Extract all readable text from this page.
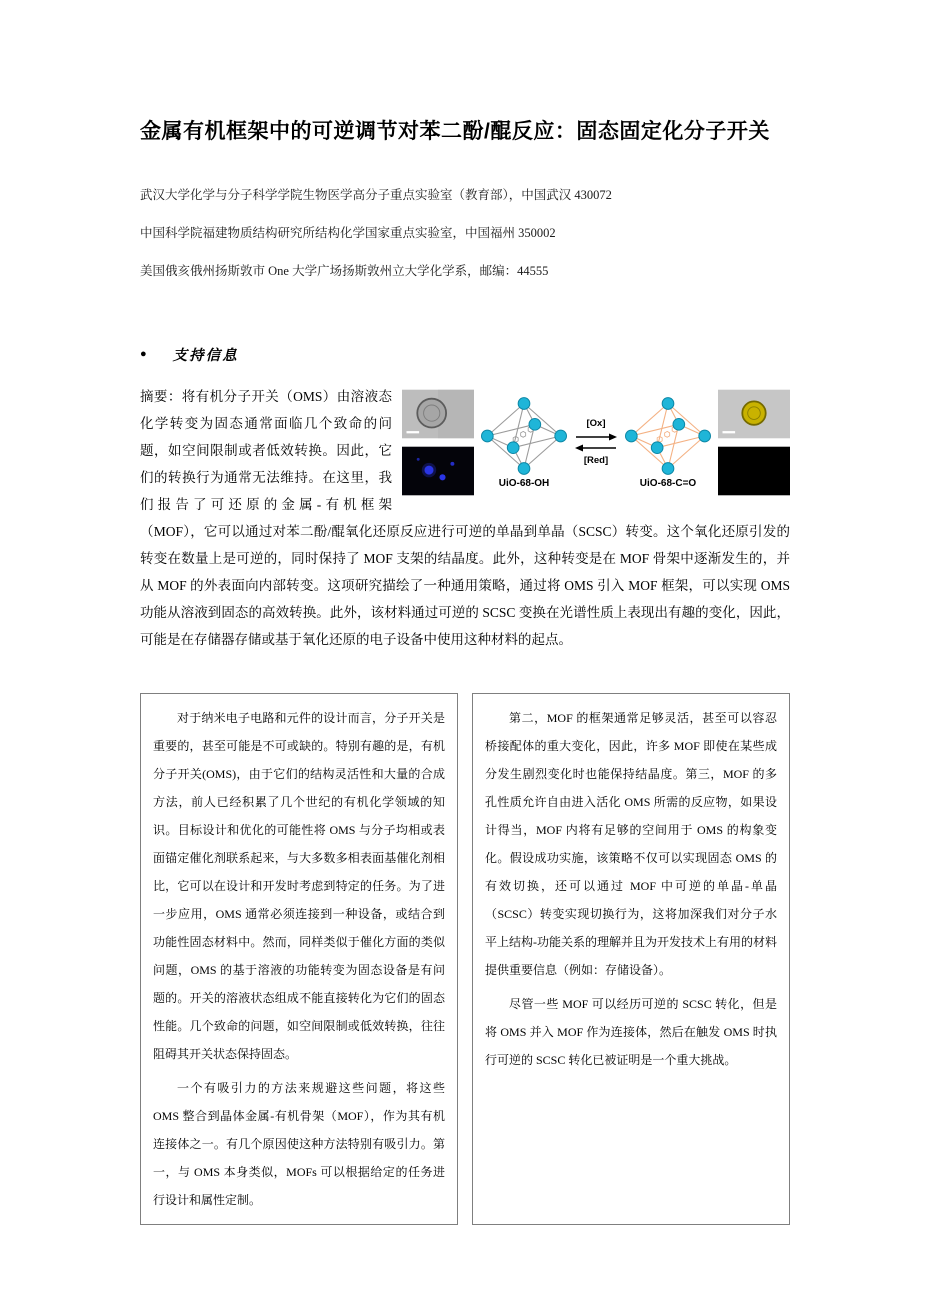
金属有机框架中的可逆调节对苯二酚/醌反应：固态固定化分子开关

武汉大学化学与分子科学学院生物医学高分子重点实验室（教育部），中国武汉 430072

中国科学院福建物质结构研究所结构化学国家重点实验室，中国福州 350002

美国俄亥俄州扬斯敦市 One 大学广场扬斯敦州立大学化学系，邮编：44555

● 支持信息
UiO-68-OH
[Ox]
[Red]
UiO-68-C=O

摘要：将有机分子开关（OMS）由溶液态化学转变为固态通常面临几个致命的问题，如空间限制或者低效转换。因此，它们的转换行为通常无法维持。在这里，我们报告了可还原的金属-有机框架（MOF），它可以通过对苯二酚/醌氧化还原反应进行可逆的单晶到单晶（SCSC）转变。这个氧化还原引发的转变在数量上是可逆的，同时保持了 MOF 支架的结晶度。此外，这种转变是在 MOF 骨架中逐渐发生的，并从 MOF 的外表面向内部转变。这项研究描绘了一种通用策略，通过将 OMS 引入 MOF 框架，可以实现 OMS 功能从溶液到固态的高效转换。此外，该材料通过可逆的 SCSC 变换在光谱性质上表现出有趣的变化，因此，可能是在存储器存储或基于氧化还原的电子设备中使用这种材料的起点。

对于纳米电子电路和元件的设计而言，分子开关是重要的，甚至可能是不可或缺的。特别有趣的是，有机分子开关(OMS)，由于它们的结构灵活性和大量的合成方法，前人已经积累了几个世纪的有机化学领域的知识。目标设计和优化的可能性将 OMS 与分子均相或表面锚定催化剂联系起来，与大多数多相表面基催化剂相比，它可以在设计和开发时考虑到特定的任务。为了进一步应用，OMS 通常必须连接到一种设备，或结合到功能性固态材料中。然而，同样类似于催化方面的类似问题，OMS 的基于溶液的功能转变为固态设备是有问题的。开关的溶液状态组成不能直接转化为它们的固态性能。几个致命的问题，如空间限制或低效转换，往往阻碍其开关状态保持固态。

一个有吸引力的方法来规避这些问题，将这些 OMS 整合到晶体金属-有机骨架（MOF），作为其有机连接体之一。有几个原因使这种方法特别有吸引力。第一，与 OMS 本身类似，MOFs 可以根据给定的任务进行设计和属性定制。

第二，MOF 的框架通常足够灵活，甚至可以容忍桥接配体的重大变化，因此，许多 MOF 即使在某些成分发生剧烈变化时也能保持结晶度。第三，MOF 的多孔性质允许自由进入活化 OMS 所需的反应物，如果设计得当，MOF 内将有足够的空间用于 OMS 的构象变化。假设成功实施，该策略不仅可以实现固态 OMS 的有效切换，还可以通过 MOF 中可逆的单晶-单晶（SCSC）转变实现切换行为，这将加深我们对分子水平上结构-功能关系的理解并且为开发技术上有用的材料提供重要信息（例如：存储设备）。

尽管一些 MOF 可以经历可逆的 SCSC 转化，但是将 OMS 并入 MOF 作为连接体，然后在触发 OMS 时执行可逆的 SCSC 转化已被证明是一个重大挑战。
